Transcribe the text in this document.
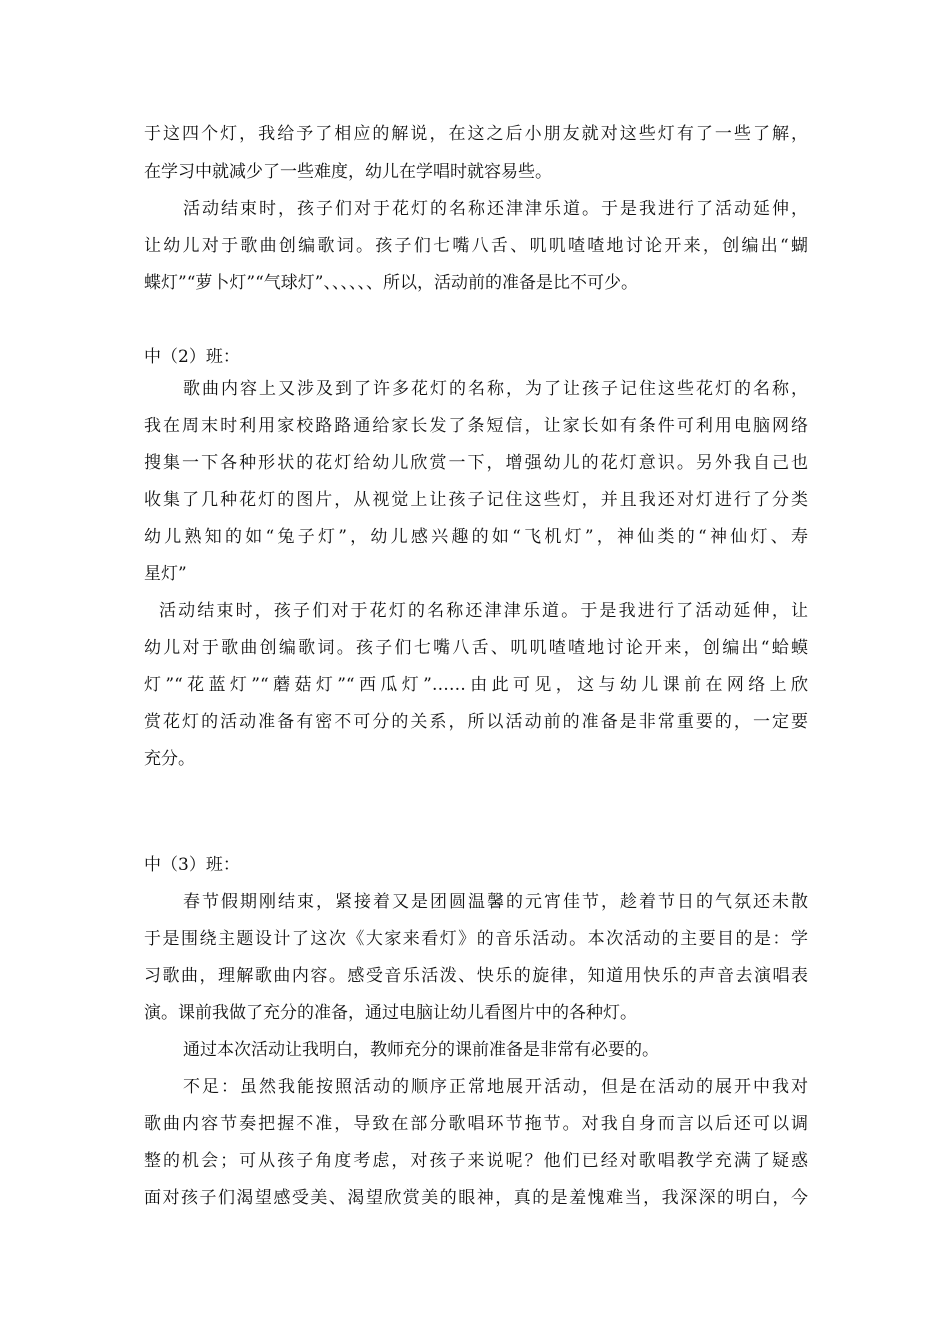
于这四个灯，我给予了相应的解说，在这之后小朋友就对这些灯有了一些了解，
在学习中就减少了一些难度，幼儿在学唱时就容易些。
活动结束时，孩子们对于花灯的名称还津津乐道。于是我进行了活动延伸，
让幼儿对于歌曲创编歌词。孩子们七嘴八舌、叽叽喳喳地讨论开来，创编出“蝴
蝶灯”“萝卜灯”“气球灯”、、、、、、所以，活动前的准备是比不可少。
中（2）班：
歌曲内容上又涉及到了许多花灯的名称，为了让孩子记住这些花灯的名称，
我在周末时利用家校路路通给家长发了条短信，让家长如有条件可利用电脑网络
搜集一下各种形状的花灯给幼儿欣赏一下，增强幼儿的花灯意识。另外我自己也
收集了几种花灯的图片，从视觉上让孩子记住这些灯，并且我还对灯进行了分类
幼儿熟知的如“兔子灯”，幼儿感兴趣的如“飞机灯”，神仙类的“神仙灯、寿
星灯”
活动结束时，孩子们对于花灯的名称还津津乐道。于是我进行了活动延伸，让
幼儿对于歌曲创编歌词。孩子们七嘴八舌、叽叽喳喳地讨论开来，创编出“蛤蟆
灯”“花蓝灯”“蘑菇灯”“西瓜灯”……由此可见，这与幼儿课前在网络上欣
赏花灯的活动准备有密不可分的关系，所以活动前的准备是非常重要的，一定要
充分。
中（3）班：
春节假期刚结束，紧接着又是团圆温馨的元宵佳节，趁着节日的气氛还未散
于是围绕主题设计了这次《大家来看灯》的音乐活动。本次活动的主要目的是：学
习歌曲，理解歌曲内容。感受音乐活泼、快乐的旋律，知道用快乐的声音去演唱表
演。课前我做了充分的准备，通过电脑让幼儿看图片中的各种灯。
通过本次活动让我明白，教师充分的课前准备是非常有必要的。
不足：虽然我能按照活动的顺序正常地展开活动，但是在活动的展开中我对
歌曲内容节奏把握不准，导致在部分歌唱环节拖节。对我自身而言以后还可以调
整的机会；可从孩子角度考虑，对孩子来说呢？他们已经对歌唱教学充满了疑惑
面对孩子们渴望感受美、渴望欣赏美的眼神，真的是羞愧难当，我深深的明白，今
